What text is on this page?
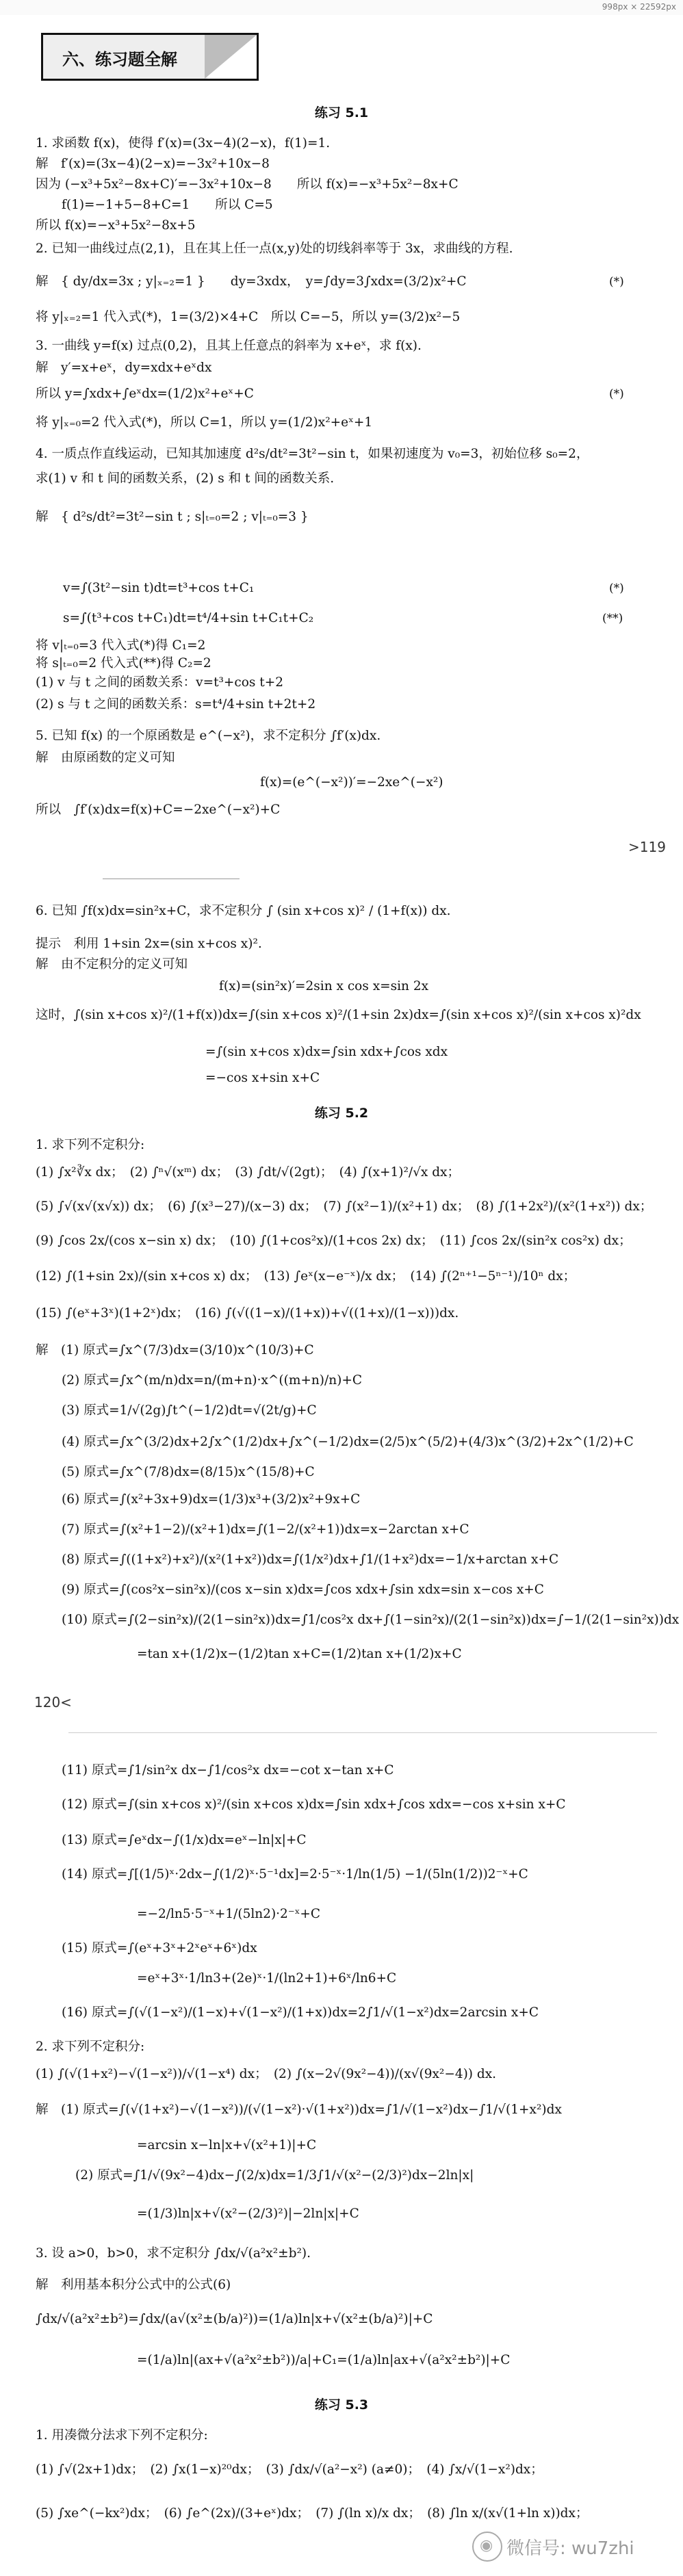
998px × 22592px
六、练习题全解
练习 5.1
1. 求函数 f(x)，使得 f′(x)=(3x−4)(2−x)，f(1)=1.
解　f′(x)=(3x−4)(2−x)=−3x²+10x−8
因为 (−x³+5x²−8x+C)′=−3x²+10x−8　　所以 f(x)=−x³+5x²−8x+C
f(1)=−1+5−8+C=1　　所以 C=5
所以 f(x)=−x³+5x²−8x+5
2. 已知一曲线过点(2,1)，且在其上任一点(x,y)处的切线斜率等于 3x，求曲线的方程.
解　{ dy/dx=3x ; y|ₓ₌₂=1 }　　dy=3xdx，　y=∫dy=3∫xdx=(3/2)x²+C	(*)
将 y|ₓ₌₂=1 代入式(*)，1=(3/2)×4+C　所以 C=−5，所以 y=(3/2)x²−5
3. 一曲线 y=f(x) 过点(0,2)，且其上任意点的斜率为 x+eˣ，求 f(x).
解　y′=x+eˣ，dy=xdx+eˣdx
所以 y=∫xdx+∫eˣdx=(1/2)x²+eˣ+C	(*)
将 y|ₓ₌₀=2 代入式(*)，所以 C=1，所以 y=(1/2)x²+eˣ+1
4. 一质点作直线运动，已知其加速度 d²s/dt²=3t²−sin t，如果初速度为 v₀=3，初始位移 s₀=2，
求(1) v 和 t 间的函数关系，(2) s 和 t 间的函数关系.
解　{ d²s/dt²=3t²−sin t ; s|ₜ₌₀=2 ; v|ₜ₌₀=3 }
v=∫(3t²−sin t)dt=t³+cos t+C₁	(*)
s=∫(t³+cos t+C₁)dt=t⁴/4+sin t+C₁t+C₂	(**)
将 v|ₜ₌₀=3 代入式(*)得 C₁=2
将 s|ₜ₌₀=2 代入式(**)得 C₂=2
(1) v 与 t 之间的函数关系：v=t³+cos t+2
(2) s 与 t 之间的函数关系：s=t⁴/4+sin t+2t+2
5. 已知 f(x) 的一个原函数是 e^(−x²)，求不定积分 ∫f′(x)dx.
解　由原函数的定义可知
f(x)=(e^(−x²))′=−2xe^(−x²)
所以　∫f′(x)dx=f(x)+C=−2xe^(−x²)+C
>119
6. 已知 ∫f(x)dx=sin²x+C，求不定积分 ∫ (sin x+cos x)² / (1+f(x)) dx.
提示　利用 1+sin 2x=(sin x+cos x)².
解　由不定积分的定义可知
f(x)=(sin²x)′=2sin x cos x=sin 2x
这时，∫(sin x+cos x)²/(1+f(x))dx=∫(sin x+cos x)²/(1+sin 2x)dx=∫(sin x+cos x)²/(sin x+cos x)²dx
=∫(sin x+cos x)dx=∫sin xdx+∫cos xdx
=−cos x+sin x+C
练习 5.2
1. 求下列不定积分:
(1) ∫x²∛x dx；　(2) ∫ⁿ√(xᵐ) dx；　(3) ∫dt/√(2gt)；　(4) ∫(x+1)²/√x dx；
(5) ∫√(x√(x√x)) dx；　(6) ∫(x³−27)/(x−3) dx；　(7) ∫(x²−1)/(x²+1) dx；　(8) ∫(1+2x²)/(x²(1+x²)) dx；
(9) ∫cos 2x/(cos x−sin x) dx；　(10) ∫(1+cos²x)/(1+cos 2x) dx；　(11) ∫cos 2x/(sin²x cos²x) dx；
(12) ∫(1+sin 2x)/(sin x+cos x) dx；　(13) ∫eˣ(x−e⁻ˣ)/x dx；　(14) ∫(2ⁿ⁺¹−5ⁿ⁻¹)/10ⁿ dx；
(15) ∫(eˣ+3ˣ)(1+2ˣ)dx；　(16) ∫(√((1−x)/(1+x))+√((1+x)/(1−x)))dx.
解　(1) 原式=∫x^(7/3)dx=(3/10)x^(10/3)+C
(2) 原式=∫x^(m/n)dx=n/(m+n)·x^((m+n)/n)+C
(3) 原式=1/√(2g)∫t^(−1/2)dt=√(2t/g)+C
(4) 原式=∫x^(3/2)dx+2∫x^(1/2)dx+∫x^(−1/2)dx=(2/5)x^(5/2)+(4/3)x^(3/2)+2x^(1/2)+C
(5) 原式=∫x^(7/8)dx=(8/15)x^(15/8)+C
(6) 原式=∫(x²+3x+9)dx=(1/3)x³+(3/2)x²+9x+C
(7) 原式=∫(x²+1−2)/(x²+1)dx=∫(1−2/(x²+1))dx=x−2arctan x+C
(8) 原式=∫((1+x²)+x²)/(x²(1+x²))dx=∫(1/x²)dx+∫1/(1+x²)dx=−1/x+arctan x+C
(9) 原式=∫(cos²x−sin²x)/(cos x−sin x)dx=∫cos xdx+∫sin xdx=sin x−cos x+C
(10) 原式=∫(2−sin²x)/(2(1−sin²x))dx=∫1/cos²x dx+∫(1−sin²x)/(2(1−sin²x))dx=∫−1/(2(1−sin²x))dx
=tan x+(1/2)x−(1/2)tan x+C=(1/2)tan x+(1/2)x+C
120<
(11) 原式=∫1/sin²x dx−∫1/cos²x dx=−cot x−tan x+C
(12) 原式=∫(sin x+cos x)²/(sin x+cos x)dx=∫sin xdx+∫cos xdx=−cos x+sin x+C
(13) 原式=∫eˣdx−∫(1/x)dx=eˣ−ln|x|+C
(14) 原式=∫[(1/5)ˣ·2dx−∫(1/2)ˣ·5⁻¹dx]=2·5⁻ˣ·1/ln(1/5) −1/(5ln(1/2))2⁻ˣ+C
=−2/ln5·5⁻ˣ+1/(5ln2)·2⁻ˣ+C
(15) 原式=∫(eˣ+3ˣ+2ˣeˣ+6ˣ)dx
=eˣ+3ˣ·1/ln3+(2e)ˣ·1/(ln2+1)+6ˣ/ln6+C
(16) 原式=∫(√(1−x²)/(1−x)+√(1−x²)/(1+x))dx=2∫1/√(1−x²)dx=2arcsin x+C
2. 求下列不定积分:
(1) ∫(√(1+x²)−√(1−x²))/√(1−x⁴) dx；　(2) ∫(x−2√(9x²−4))/(x√(9x²−4)) dx.
解　(1) 原式=∫(√(1+x²)−√(1−x²))/(√(1−x²)·√(1+x²))dx=∫1/√(1−x²)dx−∫1/√(1+x²)dx
=arcsin x−ln|x+√(x²+1)|+C
(2) 原式=∫1/√(9x²−4)dx−∫(2/x)dx=1/3∫1/√(x²−(2/3)²)dx−2ln|x|
=(1/3)ln|x+√(x²−(2/3)²)|−2ln|x|+C
3. 设 a>0，b>0，求不定积分 ∫dx/√(a²x²±b²).
解　利用基本积分公式中的公式(6)
∫dx/√(a²x²±b²)=∫dx/(a√(x²±(b/a)²))=(1/a)ln|x+√(x²±(b/a)²)|+C
=(1/a)ln|(ax+√(a²x²±b²))/a|+C₁=(1/a)ln|ax+√(a²x²±b²)|+C
练习 5.3
1. 用凑微分法求下列不定积分:
(1) ∫√(2x+1)dx；　(2) ∫x(1−x)²⁰dx；　(3) ∫dx/√(a²−x²) (a≠0)；　(4) ∫x/√(1−x²)dx；
(5) ∫xe^(−kx²)dx；　(6) ∫e^(2x)/(3+eˣ)dx；　(7) ∫(ln x)/x dx；　(8) ∫ln x/(x√(1+ln x))dx；
◉ 微信号: wu7zhi
